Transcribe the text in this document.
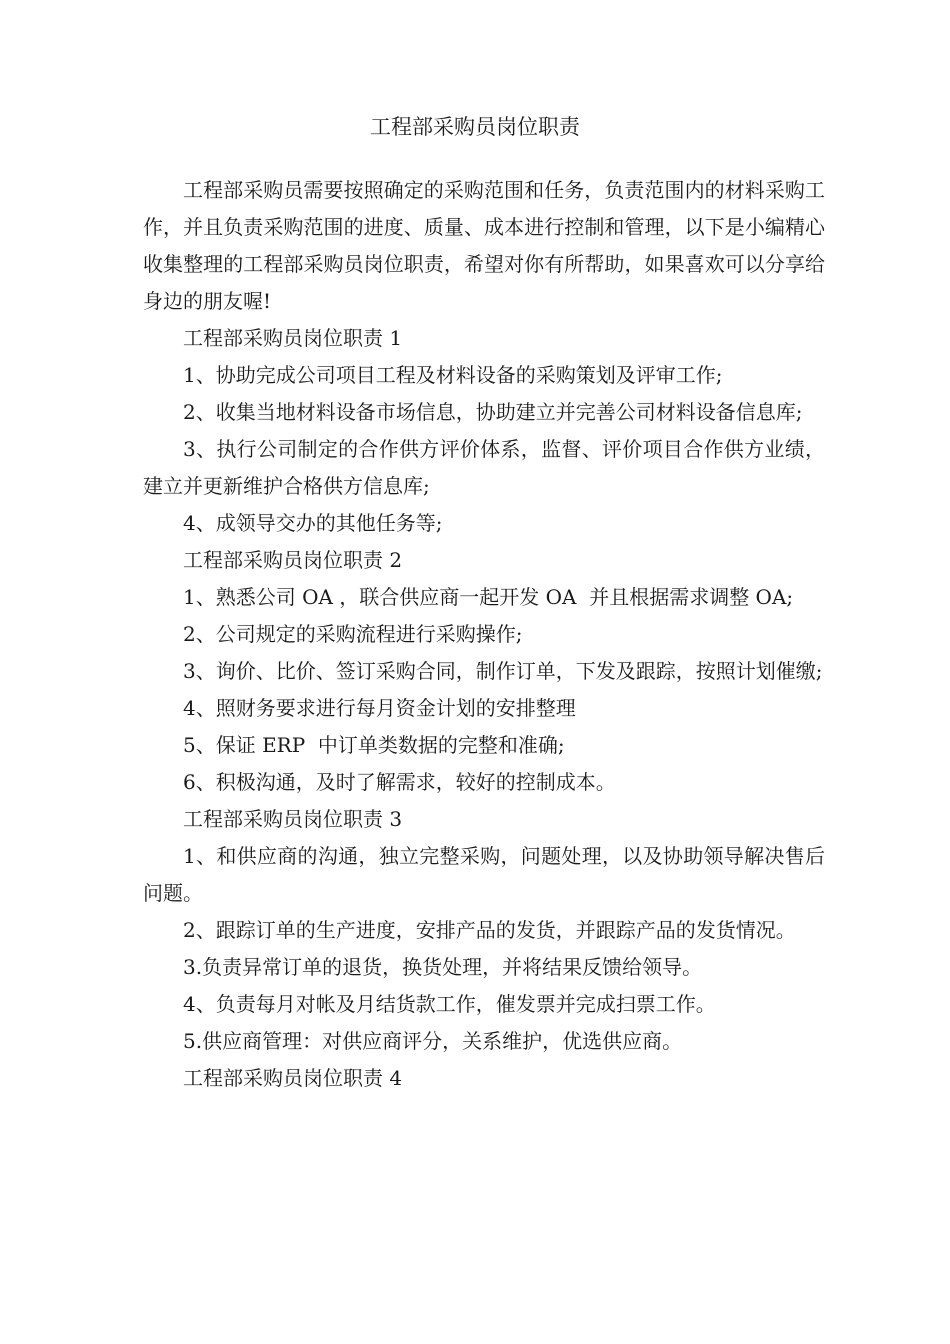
工程部采购员岗位职责

工程部采购员需要按照确定的采购范围和任务，负责范围内的材料采购工作，并且负责采购范围的进度、质量、成本进行控制和管理，以下是小编精心收集整理的工程部采购员岗位职责，希望对你有所帮助，如果喜欢可以分享给身边的朋友喔!

工程部采购员岗位职责 1

1、协助完成公司项目工程及材料设备的采购策划及评审工作;

2、收集当地材料设备市场信息，协助建立并完善公司材料设备信息库;

3、执行公司制定的合作供方评价体系，监督、评价项目合作供方业绩，建立并更新维护合格供方信息库;

4、成领导交办的其他任务等;

工程部采购员岗位职责 2

1、熟悉公司 OA ，联合供应商一起开发 OA  并且根据需求调整 OA;

2、公司规定的采购流程进行采购操作;

3、询价、比价、签订采购合同，制作订单，下发及跟踪，按照计划催缴;

4、照财务要求进行每月资金计划的安排整理

5、保证 ERP  中订单类数据的完整和准确;

6、积极沟通，及时了解需求，较好的控制成本。

工程部采购员岗位职责 3

1、和供应商的沟通，独立完整采购，问题处理，以及协助领导解决售后问题。

2、跟踪订单的生产进度，安排产品的发货，并跟踪产品的发货情况。

3.负责异常订单的退货，换货处理，并将结果反馈给领导。

4、负责每月对帐及月结货款工作，催发票并完成扫票工作。

5.供应商管理：对供应商评分，关系维护，优选供应商。

工程部采购员岗位职责 4
